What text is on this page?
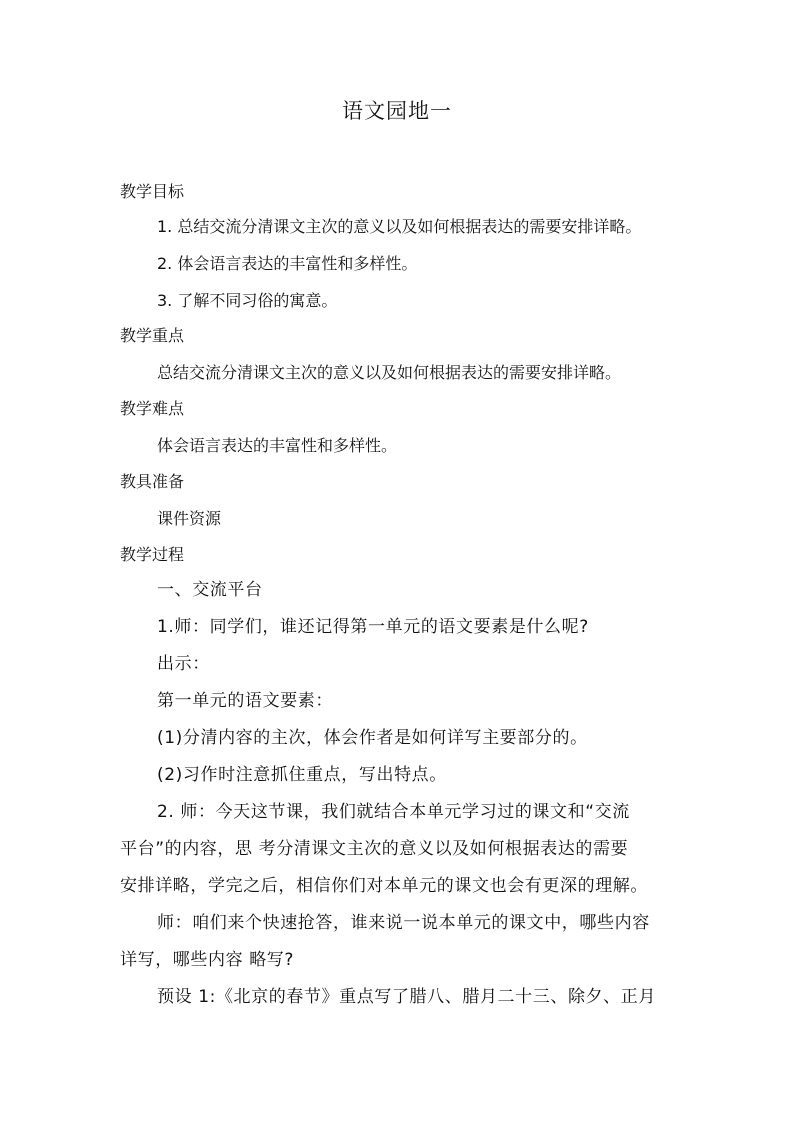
语文园地一
教学目标
1. 总结交流分清课文主次的意义以及如何根据表达的需要安排详略。
2. 体会语言表达的丰富性和多样性。
3. 了解不同习俗的寓意。
教学重点
总结交流分清课文主次的意义以及如何根据表达的需要安排详略。
教学难点
体会语言表达的丰富性和多样性。
教具准备
课件资源
教学过程
一、交流平台
1.师：同学们，谁还记得第一单元的语文要素是什么呢?
出示：
第一单元的语文要素：
(1)分清内容的主次，体会作者是如何详写主要部分的。
(2)习作时注意抓住重点，写出特点。
2. 师：今天这节课，我们就结合本单元学习过的课文和“交流
平台”的内容，思 考分清课文主次的意义以及如何根据表达的需要
安排详略，学完之后，相信你们对本单元的课文也会有更深的理解。
师：咱们来个快速抢答，谁来说一说本单元的课文中，哪些内容
详写，哪些内容 略写?
预设 1:《北京的春节》重点写了腊八、腊月二十三、除夕、正月
